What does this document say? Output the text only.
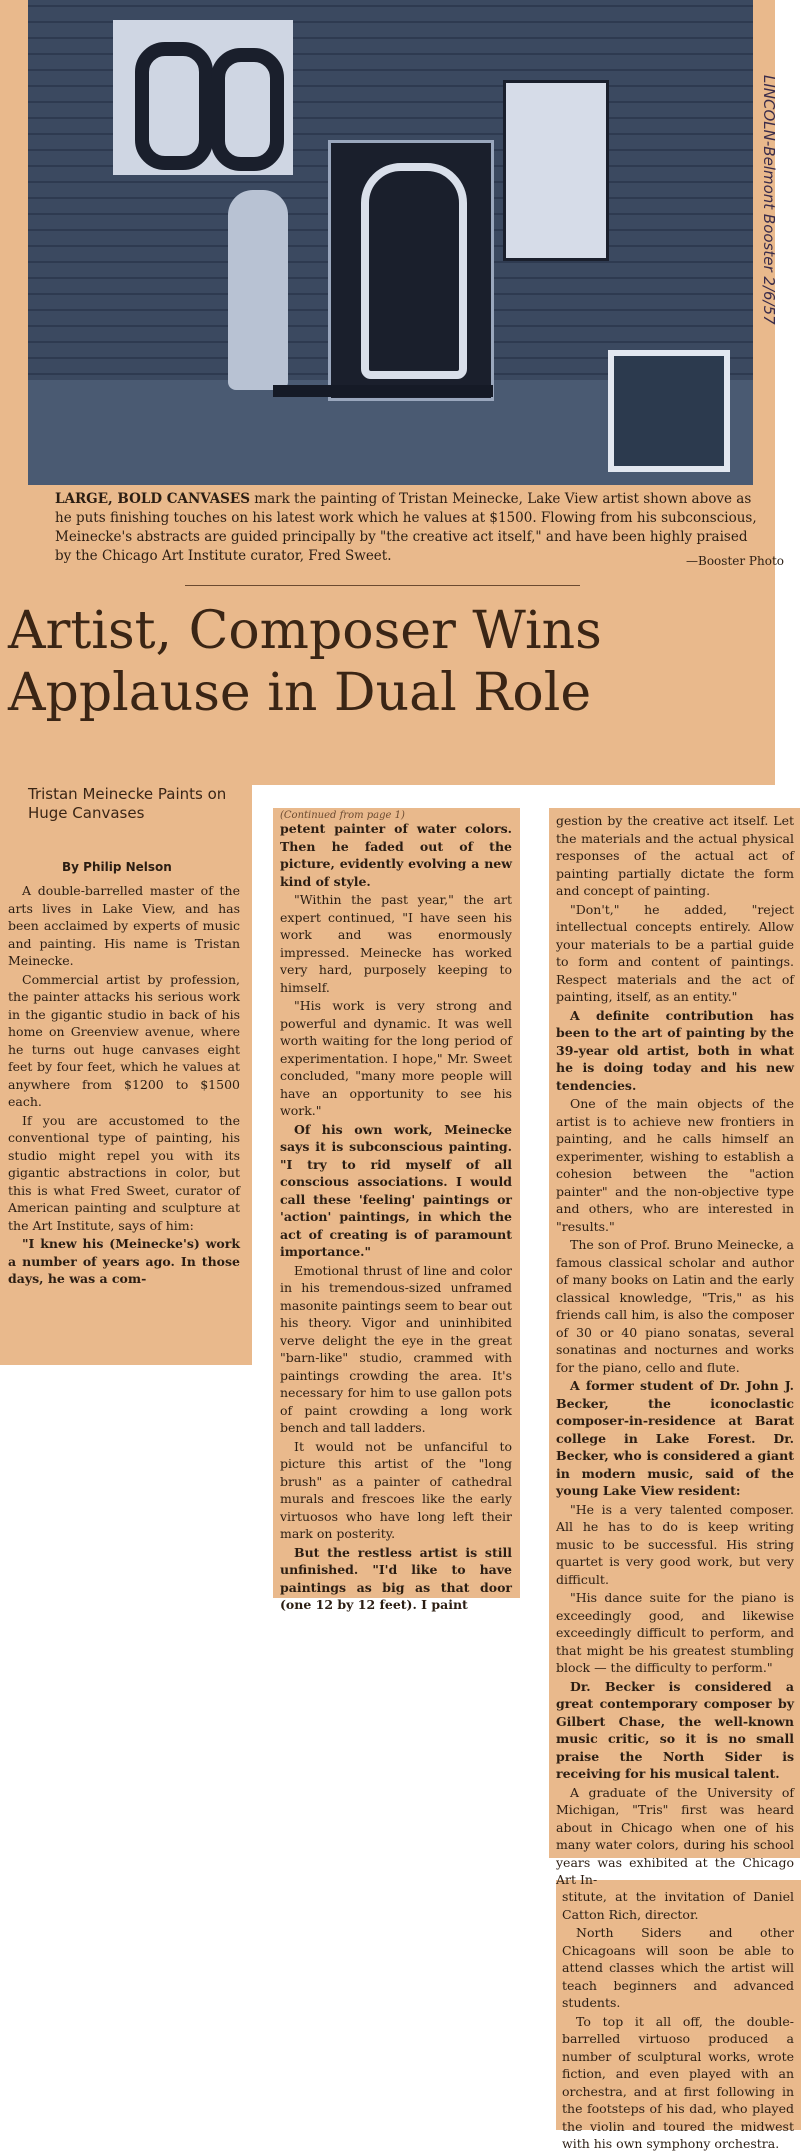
LINCOLN-Belmont Booster 2/6/57
LARGE, BOLD CANVASES mark the painting of Tristan Meinecke, Lake View artist shown above as he puts finishing touches on his latest work which he values at $1500. Flowing from his subconscious, Meinecke's abstracts are guided principally by "the creative act itself," and have been highly praised by the Chicago Art Institute curator, Fred Sweet.	—Booster Photo
Artist, Composer Wins Applause in Dual Role
Tristan Meinecke Paints on Huge Canvases
By Philip Nelson

A double-barrelled master of the arts lives in Lake View, and has been acclaimed by experts of music and painting. His name is Tristan Meinecke.

Commercial artist by profession, the painter attacks his serious work in the gigantic studio in back of his home on Greenview avenue, where he turns out huge canvases eight feet by four feet, which he values at anywhere from $1200 to $1500 each.

If you are accustomed to the conventional type of painting, his studio might repel you with its gigantic abstractions in color, but this is what Fred Sweet, curator of American painting and sculpture at the Art Institute, says of him:

"I knew his (Meinecke's) work a number of years ago. In those days, he was a com-

(Continued from page 1)

petent painter of water colors. Then he faded out of the picture, evidently evolving a new kind of style.

"Within the past year," the art expert continued, "I have seen his work and was enormously impressed. Meinecke has worked very hard, purposely keeping to himself.

"His work is very strong and powerful and dynamic. It was well worth waiting for the long period of experimentation. I hope," Mr. Sweet concluded, "many more people will have an opportunity to see his work."

Of his own work, Meinecke says it is subconscious painting. "I try to rid myself of all conscious associations. I would call these 'feeling' paintings or 'action' paintings, in which the act of creating is of paramount importance."

Emotional thrust of line and color in his tremendous-sized unframed masonite paintings seem to bear out his theory. Vigor and uninhibited verve delight the eye in the great "barn-like" studio, crammed with paintings crowding the area. It's necessary for him to use gallon pots of paint crowding a long work bench and tall ladders.

It would not be unfanciful to picture this artist of the "long brush" as a painter of cathedral murals and frescoes like the early virtuosos who have long left their mark on posterity.

But the restless artist is still unfinished. "I'd like to have paintings as big as that door (one 12 by 12 feet). I paint

gestion by the creative act itself. Let the materials and the actual physical responses of the actual act of painting partially dictate the form and concept of painting.

"Don't," he added, "reject intellectual concepts entirely. Allow your materials to be a partial guide to form and content of paintings. Respect materials and the act of painting, itself, as an entity."

A definite contribution has been to the art of painting by the 39-year old artist, both in what he is doing today and his new tendencies.

One of the main objects of the artist is to achieve new frontiers in painting, and he calls himself an experimenter, wishing to establish a cohesion between the "action painter" and the non-objective type and others, who are interested in "results."

The son of Prof. Bruno Meinecke, a famous classical scholar and author of many books on Latin and the early classical knowledge, "Tris," as his friends call him, is also the composer of 30 or 40 piano sonatas, several sonatinas and nocturnes and works for the piano, cello and flute.

A former student of Dr. John J. Becker, the iconoclastic composer-in-residence at Barat college in Lake Forest. Dr. Becker, who is considered a giant in modern music, said of the young Lake View resident:

"He is a very talented composer. All he has to do is keep writing music to be successful. His string quartet is very good work, but very difficult.

"His dance suite for the piano is exceedingly good, and likewise exceedingly difficult to perform, and that might be his greatest stumbling block — the difficulty to perform."

Dr. Becker is considered a great contemporary composer by Gilbert Chase, the well-known music critic, so it is no small praise the North Sider is receiving for his musical talent.

A graduate of the University of Michigan, "Tris" first was heard about in Chicago when one of his many water colors, during his school years was exhibited at the Chicago Art In-

stitute, at the invitation of Daniel Catton Rich, director.

North Siders and other Chicagoans will soon be able to attend classes which the artist will teach beginners and advanced students.

To top it all off, the double-barrelled virtuoso produced a number of sculptural works, wrote fiction, and even played with an orchestra, and at first following in the footsteps of his dad, who played the violin and toured the midwest with his own symphony orchestra.
